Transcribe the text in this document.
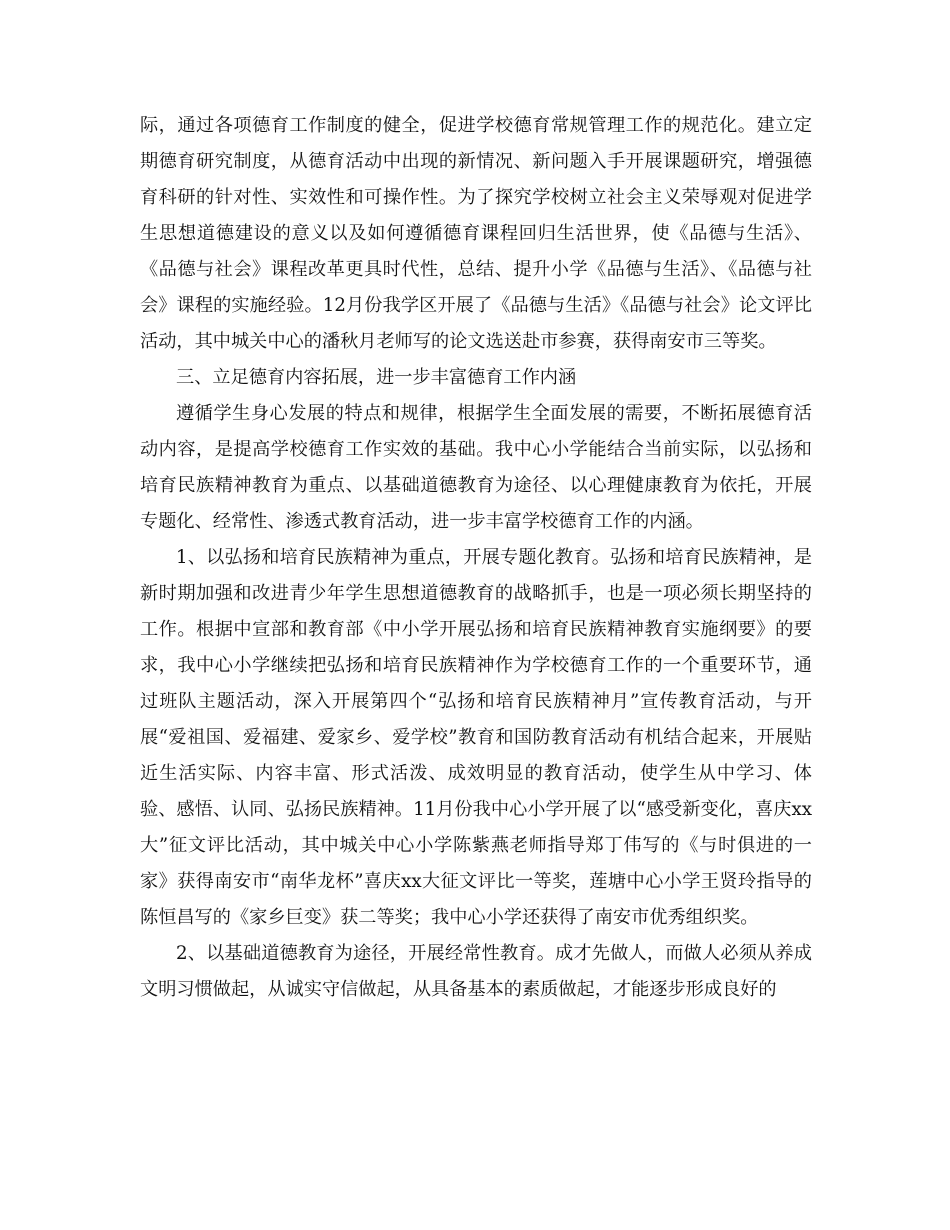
际，通过各项德育工作制度的健全，促进学校德育常规管理工作的规范化。建立定期德育研究制度，从德育活动中出现的新情况、新问题入手开展课题研究，增强德育科研的针对性、实效性和可操作性。为了探究学校树立社会主义荣辱观对促进学生思想道德建设的意义以及如何遵循德育课程回归生活世界，使《品德与生活》、《品德与社会》课程改革更具时代性，总结、提升小学《品德与生活》、《品德与社会》课程的实施经验。12月份我学区开展了《品德与生活》《品德与社会》论文评比活动，其中城关中心的潘秋月老师写的论文选送赴市参赛，获得南安市三等奖。

三、立足德育内容拓展，进一步丰富德育工作内涵

遵循学生身心发展的特点和规律，根据学生全面发展的需要，不断拓展德育活动内容，是提高学校德育工作实效的基础。我中心小学能结合当前实际，以弘扬和培育民族精神教育为重点、以基础道德教育为途径、以心理健康教育为依托，开展专题化、经常性、渗透式教育活动，进一步丰富学校德育工作的内涵。

1、以弘扬和培育民族精神为重点，开展专题化教育。弘扬和培育民族精神，是新时期加强和改进青少年学生思想道德教育的战略抓手，也是一项必须长期坚持的工作。根据中宣部和教育部《中小学开展弘扬和培育民族精神教育实施纲要》的要求，我中心小学继续把弘扬和培育民族精神作为学校德育工作的一个重要环节，通过班队主题活动，深入开展第四个“弘扬和培育民族精神月”宣传教育活动，与开展“爱祖国、爱福建、爱家乡、爱学校”教育和国防教育活动有机结合起来，开展贴近生活实际、内容丰富、形式活泼、成效明显的教育活动，使学生从中学习、体验、感悟、认同、弘扬民族精神。11月份我中心小学开展了以“感受新变化，喜庆xx大”征文评比活动，其中城关中心小学陈紫燕老师指导郑丁伟写的《与时俱进的一家》获得南安市“南华龙杯”喜庆xx大征文评比一等奖，莲塘中心小学王贤玲指导的陈恒昌写的《家乡巨变》获二等奖；我中心小学还获得了南安市优秀组织奖。

2、以基础道德教育为途径，开展经常性教育。成才先做人，而做人必须从养成文明习惯做起，从诚实守信做起，从具备基本的素质做起，才能逐步形成良好的
